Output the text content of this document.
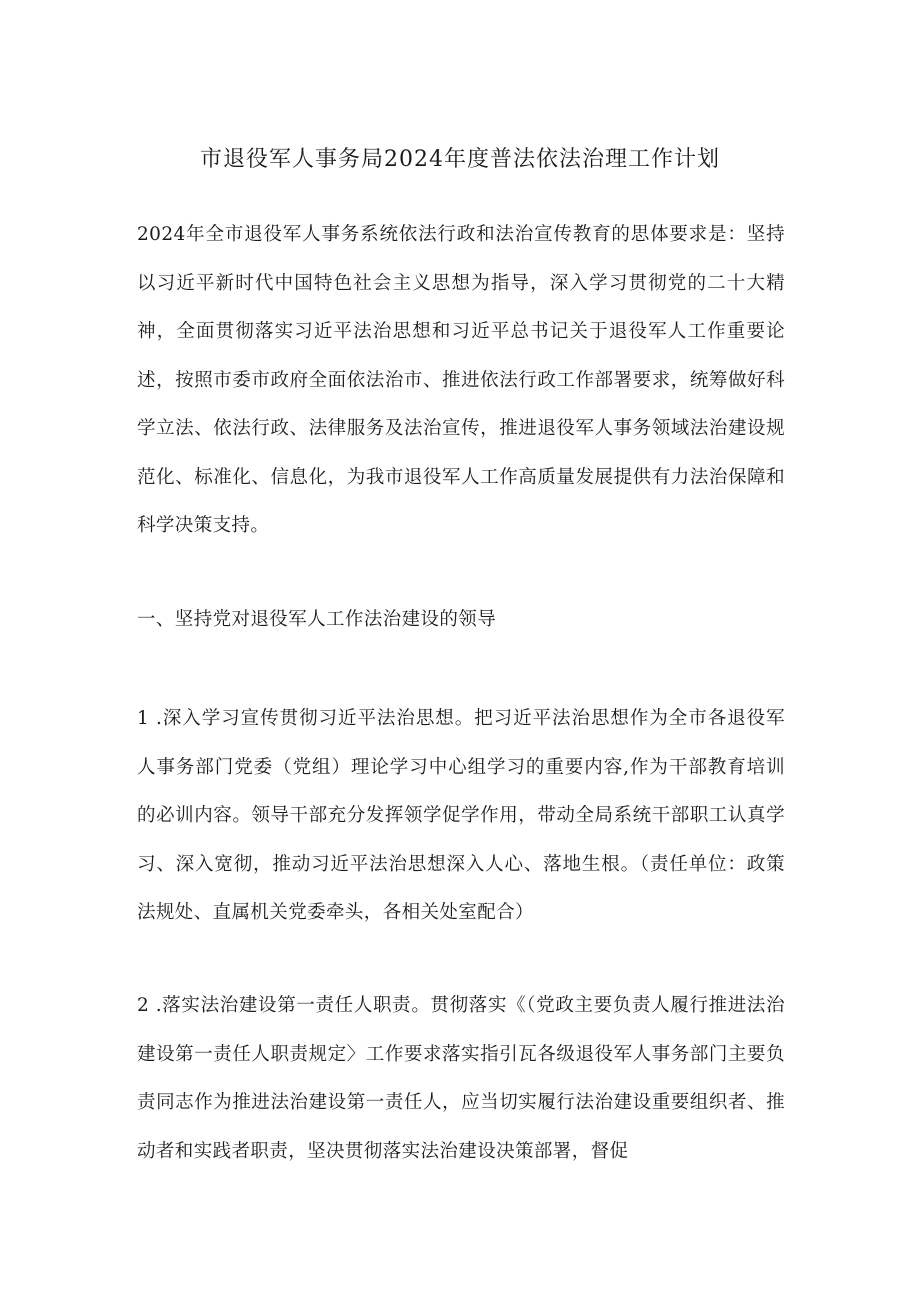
市退役军人事务局2024年度普法依法治理工作计划

2024年全市退役军人事务系统依法行政和法治宣传教育的思体要求是：坚持以习近平新时代中国特色社会主义思想为指导，深入学习贯彻党的二十大精神，全面贯彻落实习近平法治思想和习近平总书记关于退役军人工作重要论述，按照市委市政府全面依法治市、推进依法行政工作部署要求，统筹做好科学立法、依法行政、法律服务及法治宣传，推进退役军人事务领域法治建设规范化、标准化、信息化，为我市退役军人工作高质量发展提供有力法治保障和科学决策支持。

一、坚持党对退役军人工作法治建设的领导

1 .深入学习宣传贯彻习近平法治思想。把习近平法治思想作为全市各退役军人事务部门党委（党组）理论学习中心组学习的重要内容,作为干部教育培训的必训内容。领导干部充分发挥领学促学作用，带动全局系统干部职工认真学习、深入宽彻，推动习近平法治思想深入人心、落地生根。（责任单位：政策法规处、直属机关党委牵头，各相关处室配合）

2 .落实法治建设第一责任人职责。贯彻落实《（党政主要负责人履行推进法治建设第一责任人职责规定〉工作要求落实指引瓦各级退役军人事务部门主要负责同志作为推进法治建设第一责任人，应当切实履行法治建设重要组织者、推动者和实践者职责，坚决贯彻落实法治建设决策部署，督促
